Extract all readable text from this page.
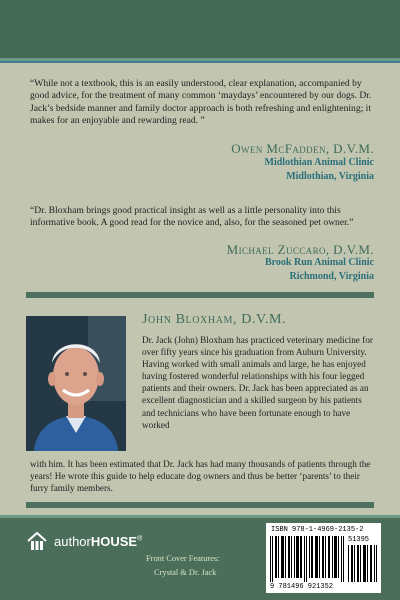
“While not a textbook, this is an easily understood, clear explanation, accompanied by good advice, for the treatment of many common ‘maydays’ encountered by our dogs. Dr. Jack’s bedside manner and family doctor approach is both refreshing and enlightening; it makes for an enjoyable and rewarding read. ”

Owen McFadden, D.V.M.
Midlothian Animal Clinic
Midlothian, Virginia

“Dr. Bloxham brings good practical insight as well as a little personality into this informative book. A good read for the novice and, also, for the seasoned pet owner.”

Michael Zuccaro, D.V.M.
Brook Run Animal Clinic
Richmond, Virginia
John Bloxham, D.V.M.

Dr. Jack (John) Bloxham has practiced veterinary medicine for over fifty years since his graduation from Auburn University. Having worked with small animals and large, he has enjoyed having fostered wonderful relationships with his four legged patients and their owners. Dr. Jack has been appreciated as an excellent diagnostician and a skilled surgeon by his patients and technicians who have been fortunate enough to have worked

with him. It has been estimated that Dr. Jack has had many thousands of patients through the years! He wrote this guide to help educate dog owners and thus be better ‘parents’ to their furry family members.

authorHOUSE®
Front Cover Features:
Crystal & Dr. Jack
ISBN 978-1-4969-2135-2
51395
9 781496 921352
